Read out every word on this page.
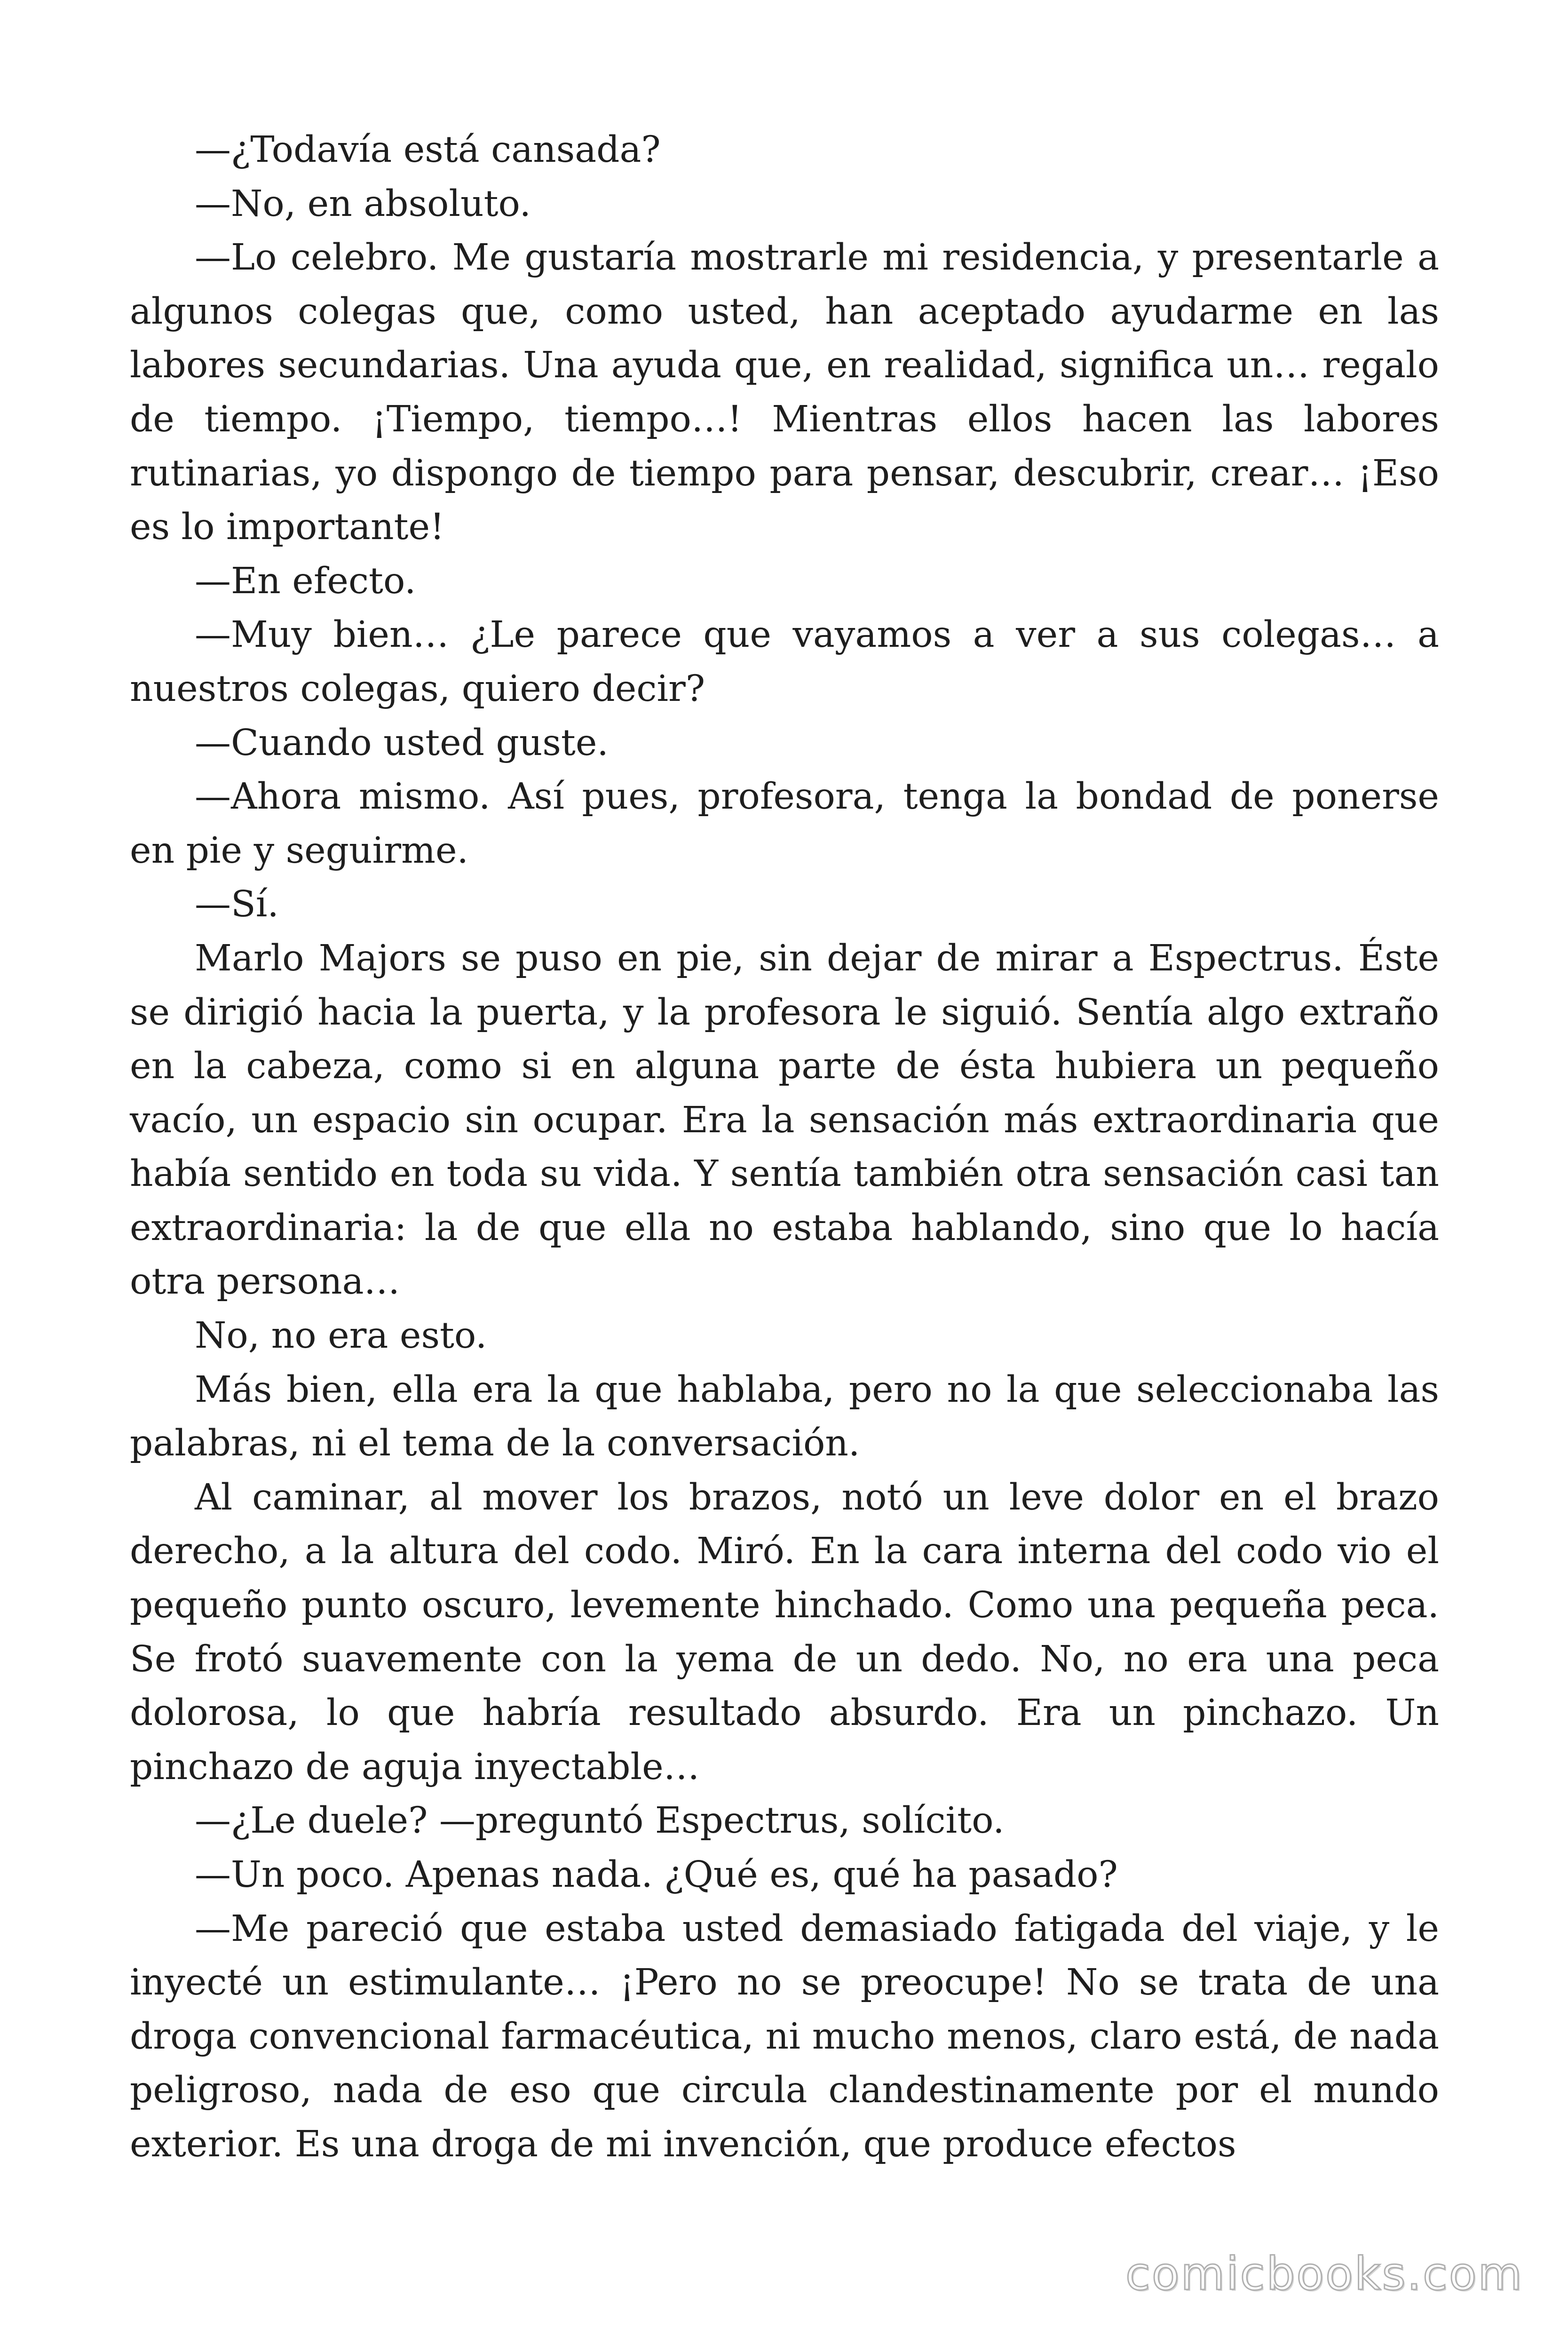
—¿Todavía está cansada?

—No, en absoluto.

—Lo celebro. Me gustaría mostrarle mi residencia, y presentarle a algunos colegas que, como usted, han aceptado ayudarme en las labores secundarias. Una ayuda que, en realidad, significa un… regalo de tiempo. ¡Tiempo, tiempo…! Mientras ellos hacen las labores rutinarias, yo dispongo de tiempo para pensar, descubrir, crear… ¡Eso es lo importante!

—En efecto.

—Muy bien… ¿Le parece que vayamos a ver a sus colegas… a nuestros colegas, quiero decir?

—Cuando usted guste.

—Ahora mismo. Así pues, profesora, tenga la bondad de ponerse en pie y seguirme.

—Sí.

Marlo Majors se puso en pie, sin dejar de mirar a Espectrus. Éste se dirigió hacia la puerta, y la profesora le siguió. Sentía algo extraño en la cabeza, como si en alguna parte de ésta hubiera un pequeño vacío, un espacio sin ocupar. Era la sensación más extraordinaria que había sentido en toda su vida. Y sentía también otra sensación casi tan extraordinaria: la de que ella no estaba hablando, sino que lo hacía otra persona…

No, no era esto.

Más bien, ella era la que hablaba, pero no la que seleccionaba las palabras, ni el tema de la conversación.

Al caminar, al mover los brazos, notó un leve dolor en el brazo derecho, a la altura del codo. Miró. En la cara interna del codo vio el pequeño punto oscuro, levemente hinchado. Como una pequeña peca. Se frotó suavemente con la yema de un dedo. No, no era una peca dolorosa, lo que habría resultado absurdo. Era un pinchazo. Un pinchazo de aguja inyectable…

—¿Le duele? —preguntó Espectrus, solícito.

—Un poco. Apenas nada. ¿Qué es, qué ha pasado?

—Me pareció que estaba usted demasiado fatigada del viaje, y le inyecté un estimulante… ¡Pero no se preocupe! No se trata de una droga convencional farmacéutica, ni mucho menos, claro está, de nada peligroso, nada de eso que circula clandestinamente por el mundo exterior. Es una droga de mi invención, que produce efectos

comicbooks.com
